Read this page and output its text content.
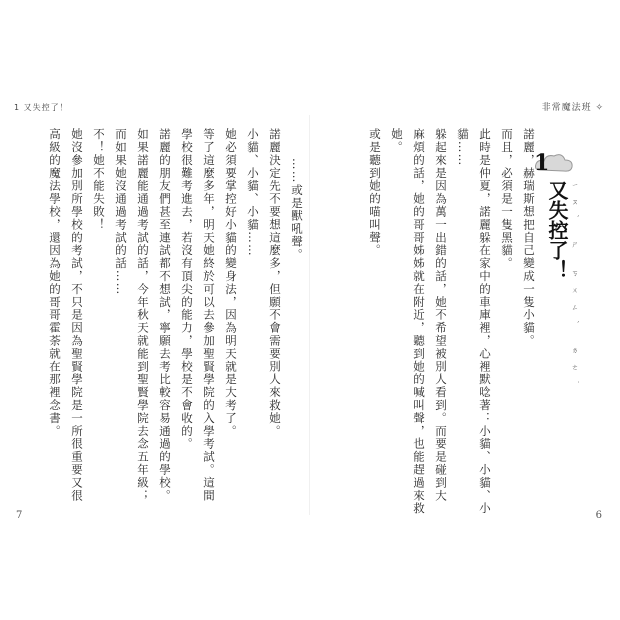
1 又失控了！	非常魔法班 ✧
1
又失控了！ ㄧㄡˋ ㄕ ㄎㄨㄥˋ ㄌㄜ˙
諾麗，赫瑞斯想把自己變成一隻小貓。
而且，必須是一隻黑貓。
此時是仲夏，諾麗躲在家中的車庫裡，心裡默唸著：小貓、小貓、小
貓……
躲起來是因為萬一出錯的話，她不希望被別人看到。而要是碰到大
麻煩的話，她的哥哥姊姊就在附近，聽到她的喊叫聲，也能趕過來救
她。
或是聽到她的喵叫聲。
……或是獸吼聲。
諾麗決定先不要想這麼多，但願不會需要別人來救她。
小貓、小貓、小貓……
她必須要掌控好小貓的變身法，因為明天就是大考了。
等了這麼多年，明天她終於可以去參加聖賢學院的入學考試。這間
學校很難考進去，若沒有頂尖的能力，學校是不會收的。
諾麗的朋友們甚至連試都不想試，寧願去考比較容易通過的學校。
如果諾麗能通過考試的話，今年秋天就能到聖賢學院去念五年級；
而如果她沒通過考試的話……
不！她不能失敗！
她沒參加別所學校的考試，不只是因為聖賢學院是一所很重要又很
高級的魔法學校，還因為她的哥哥霍荼就在那裡念書。
7	6
